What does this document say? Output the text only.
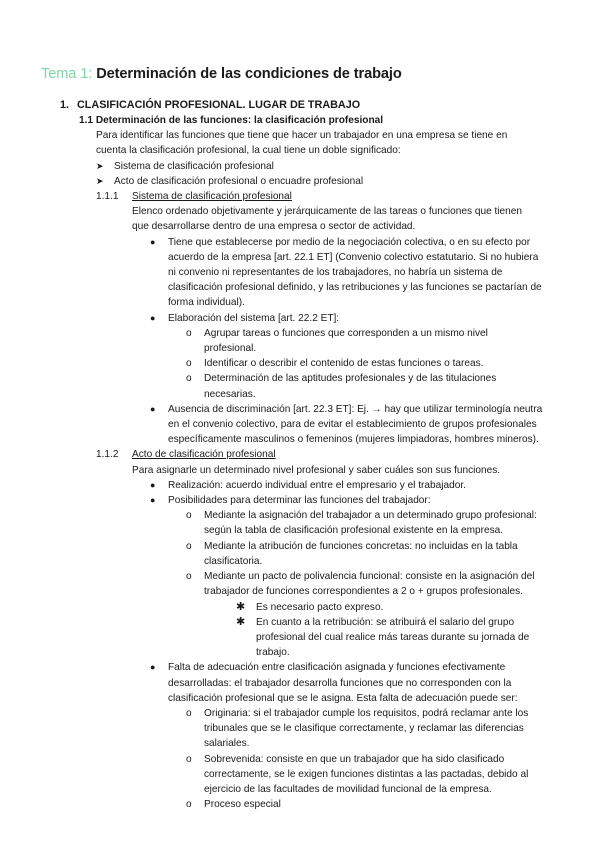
Tema 1: Determinación de las condiciones de trabajo
1. CLASIFICACIÓN PROFESIONAL. LUGAR DE TRABAJO
1.1 Determinación de las funciones: la clasificación profesional

Para identificar las funciones que tiene que hacer un trabajador en una empresa se tiene en cuenta la clasificación profesional, la cual tiene un doble significado:

➤ Sistema de clasificación profesional
➤ Acto de clasificación profesional o encuadre profesional
1.1.1 Sistema de clasificación profesional

Elenco ordenado objetivamente y jerárquicamente de las tareas o funciones que tienen que desarrollarse dentro de una empresa o sector de actividad.

● Tiene que establecerse por medio de la negociación colectiva, o en su efecto por acuerdo de la empresa [art. 22.1 ET] (Convenio colectivo estatutario. Si no hubiera ni convenio ni representantes de los trabajadores, no habría un sistema de clasificación profesional definido, y las retribuciones y las funciones se pactarían de forma individual).
● Elaboración del sistema [art. 22.2 ET]:
o Agrupar tareas o funciones que corresponden a un mismo nivel profesional.
o Identificar o describir el contenido de estas funciones o tareas.
o Determinación de las aptitudes profesionales y de las titulaciones necesarias.
● Ausencia de discriminación [art. 22.3 ET]: Ej. → hay que utilizar terminología neutra en el convenio colectivo, para de evitar el establecimiento de grupos profesionales específicamente masculinos o femeninos (mujeres limpiadoras, hombres mineros).
1.1.2 Acto de clasificación profesional

Para asignarle un determinado nivel profesional y saber cuáles son sus funciones.

● Realización: acuerdo individual entre el empresario y el trabajador.
● Posibilidades para determinar las funciones del trabajador:
o Mediante la asignación del trabajador a un determinado grupo profesional: según la tabla de clasificación profesional existente en la empresa.
o Mediante la atribución de funciones concretas: no incluidas en la tabla clasificatoria.
o Mediante un pacto de polivalencia funcional: consiste en la asignación del trabajador de funciones correspondientes a 2 o + grupos profesionales.
✱ Es necesario pacto expreso.
✱ En cuanto a la retribución: se atribuirá el salario del grupo profesional del cual realice más tareas durante su jornada de trabajo.
● Falta de adecuación entre clasificación asignada y funciones efectivamente desarrolladas: el trabajador desarrolla funciones que no corresponden con la clasificación profesional que se le asigna. Esta falta de adecuación puede ser:
o Originaria: si el trabajador cumple los requisitos, podrá reclamar ante los tribunales que se le clasifique correctamente, y reclamar las diferencias salariales.
o Sobrevenida: consiste en que un trabajador que ha sido clasificado correctamente, se le exigen funciones distintas a las pactadas, debido al ejercicio de las facultades de movilidad funcional de la empresa.
o Proceso especial
